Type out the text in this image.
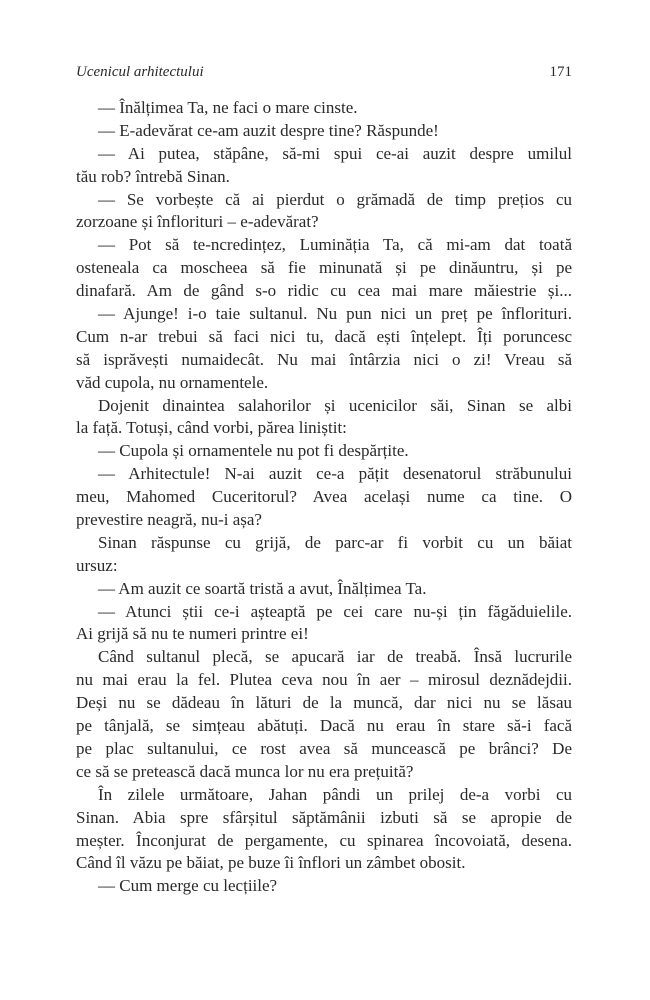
Ucenicul arhitectului	171
— Înălțimea Ta, ne faci o mare cinste.
— E-adevărat ce-am auzit despre tine? Răspunde!
— Ai putea, stăpâne, să-mi spui ce-ai auzit despre umilul
tău rob? întrebă Sinan.
— Se vorbește că ai pierdut o grămadă de timp prețios cu
zorzoane și înflorituri – e-adevărat?
— Pot să te-ncredințez, Luminăția Ta, că mi-am dat toată
osteneala ca moscheea să fie minunată și pe dinăuntru, și pe
dinafară. Am de gând s-o ridic cu cea mai mare măiestrie și...
— Ajunge! i-o taie sultanul. Nu pun nici un preț pe înflorituri.
Cum n-ar trebui să faci nici tu, dacă ești înțelept. Îți poruncesc
să isprăvești numaidecât. Nu mai întârzia nici o zi! Vreau să
văd cupola, nu ornamentele.
Dojenit dinaintea salahorilor și ucenicilor săi, Sinan se albi
la față. Totuși, când vorbi, părea liniștit:
— Cupola și ornamentele nu pot fi despărțite.
— Arhitectule! N-ai auzit ce-a pățit desenatorul străbunului
meu, Mahomed Cuceritorul? Avea același nume ca tine. O
prevestire neagră, nu-i așa?
Sinan răspunse cu grijă, de parc-ar fi vorbit cu un băiat
ursuz:
— Am auzit ce soartă tristă a avut, Înălțimea Ta.
— Atunci știi ce-i așteaptă pe cei care nu-și țin făgăduielile.
Ai grijă să nu te numeri printre ei!
Când sultanul plecă, se apucară iar de treabă. Însă lucrurile
nu mai erau la fel. Plutea ceva nou în aer – mirosul deznădejdii.
Deși nu se dădeau în lături de la muncă, dar nici nu se lăsau
pe tânjală, se simțeau abătuți. Dacă nu erau în stare să-i facă
pe plac sultanului, ce rost avea să muncească pe brânci? De
ce să se pretească dacă munca lor nu era prețuită?
În zilele următoare, Jahan pândi un prilej de-a vorbi cu
Sinan. Abia spre sfârșitul săptămânii izbuti să se apropie de
meșter. Înconjurat de pergamente, cu spinarea încovoiată, desena.
Când îl văzu pe băiat, pe buze îi înflori un zâmbet obosit.
— Cum merge cu lecțiile?
